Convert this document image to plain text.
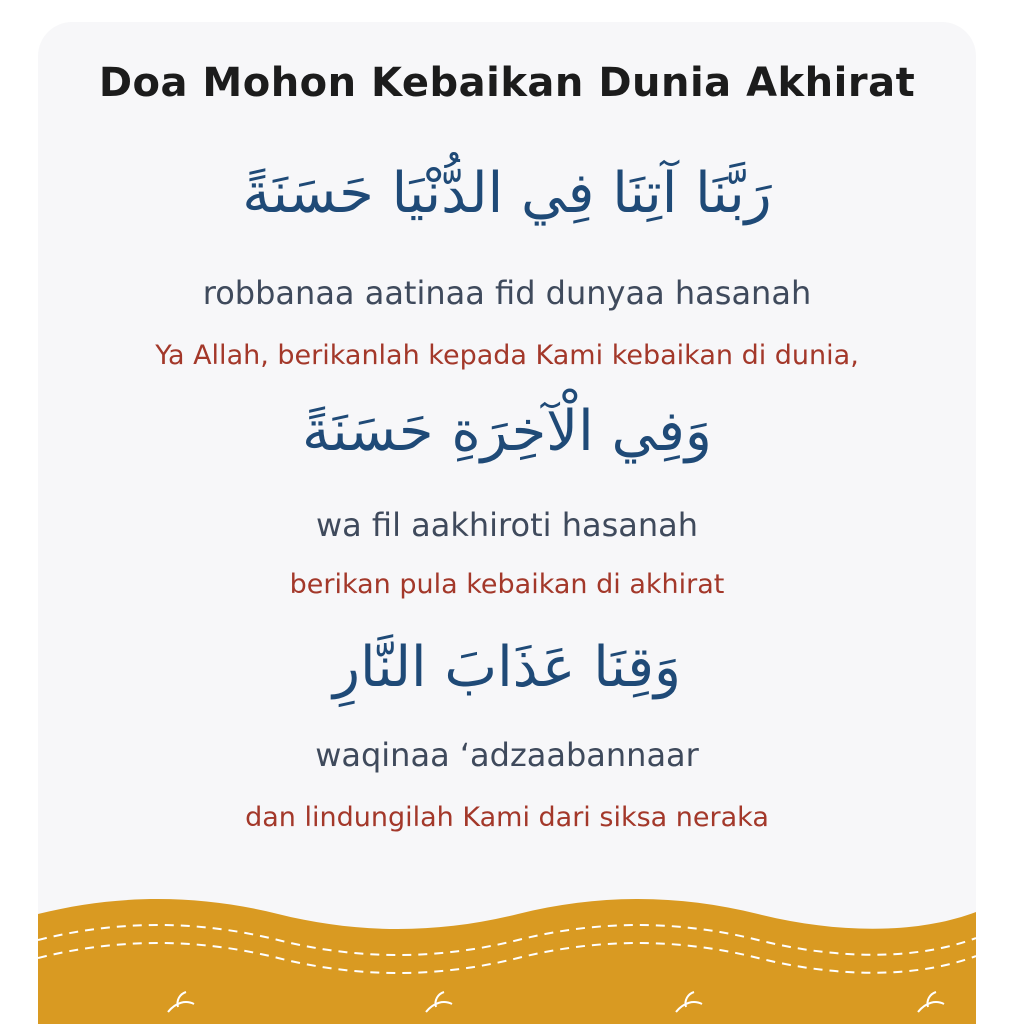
Doa Mohon Kebaikan Dunia Akhirat
رَبَّنَا آتِنَا فِي الدُّنْيَا حَسَنَةً
robbanaa aatinaa fid dunyaa hasanah
Ya Allah, berikanlah kepada Kami kebaikan di dunia,
وَفِي الْآخِرَةِ حَسَنَةً
wa fil aakhiroti hasanah
berikan pula kebaikan di akhirat
وَقِنَا عَذَابَ النَّارِ
waqinaa ‘adzaabannaar
dan lindungilah Kami dari siksa neraka
